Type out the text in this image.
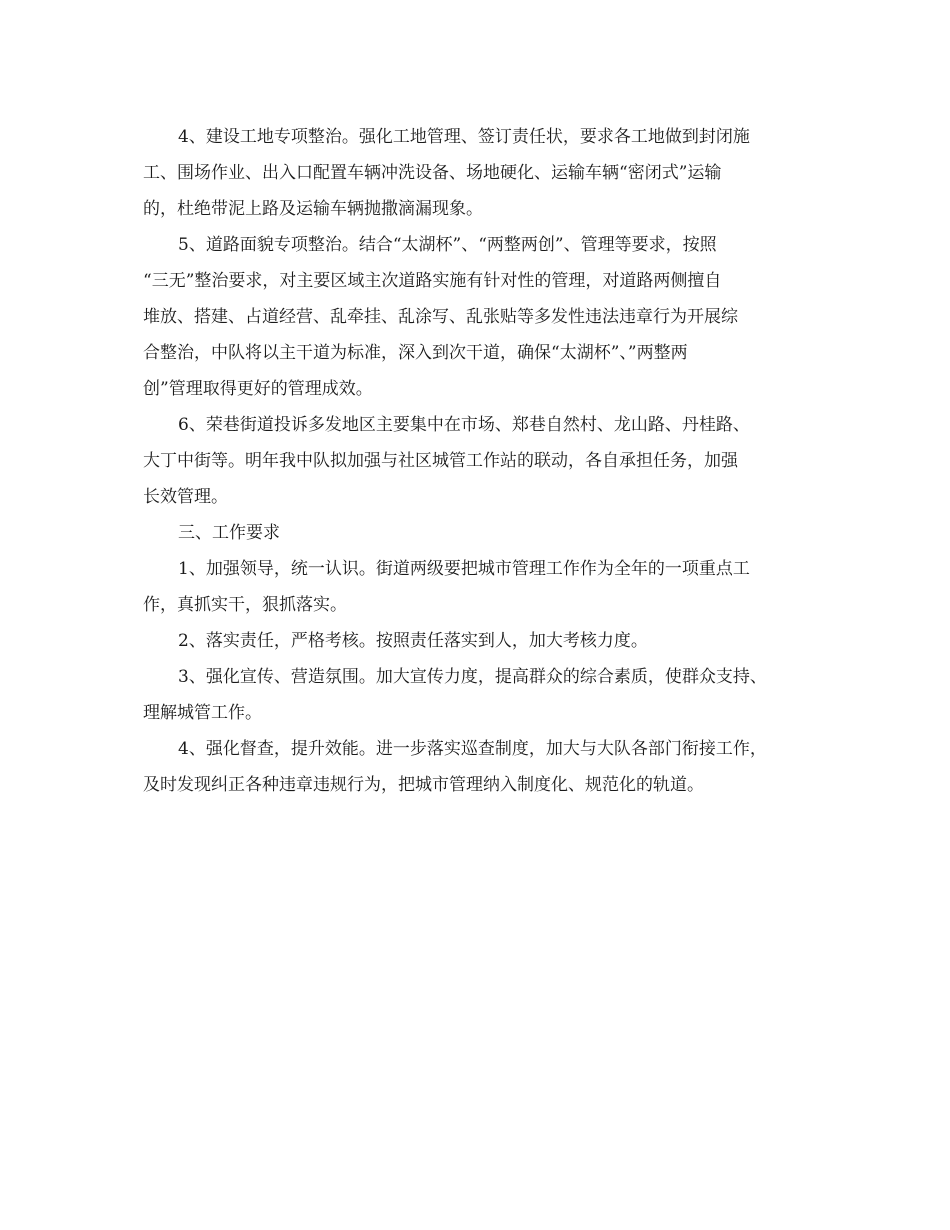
4、建设工地专项整治。强化工地管理、签订责任状，要求各工地做到封闭施

工、围场作业、出入口配置车辆冲洗设备、场地硬化、运输车辆“密闭式”运输

的，杜绝带泥上路及运输车辆抛撒滴漏现象。

5、道路面貌专项整治。结合“太湖杯”、“两整两创”、管理等要求，按照

“三无”整治要求，对主要区域主次道路实施有针对性的管理，对道路两侧擅自

堆放、搭建、占道经营、乱牵挂、乱涂写、乱张贴等多发性违法违章行为开展综

合整治，中队将以主干道为标准，深入到次干道，确保“太湖杯”、”两整两

创”管理取得更好的管理成效。

6、荣巷街道投诉多发地区主要集中在市场、郑巷自然村、龙山路、丹桂路、

大丁中街等。明年我中队拟加强与社区城管工作站的联动，各自承担任务，加强

长效管理。

三、工作要求

1、加强领导，统一认识。街道两级要把城市管理工作作为全年的一项重点工

作，真抓实干，狠抓落实。

2、落实责任，严格考核。按照责任落实到人，加大考核力度。

3、强化宣传、营造氛围。加大宣传力度，提高群众的综合素质，使群众支持、

理解城管工作。

4、强化督查，提升效能。进一步落实巡查制度，加大与大队各部门衔接工作，

及时发现纠正各种违章违规行为，把城市管理纳入制度化、规范化的轨道。
